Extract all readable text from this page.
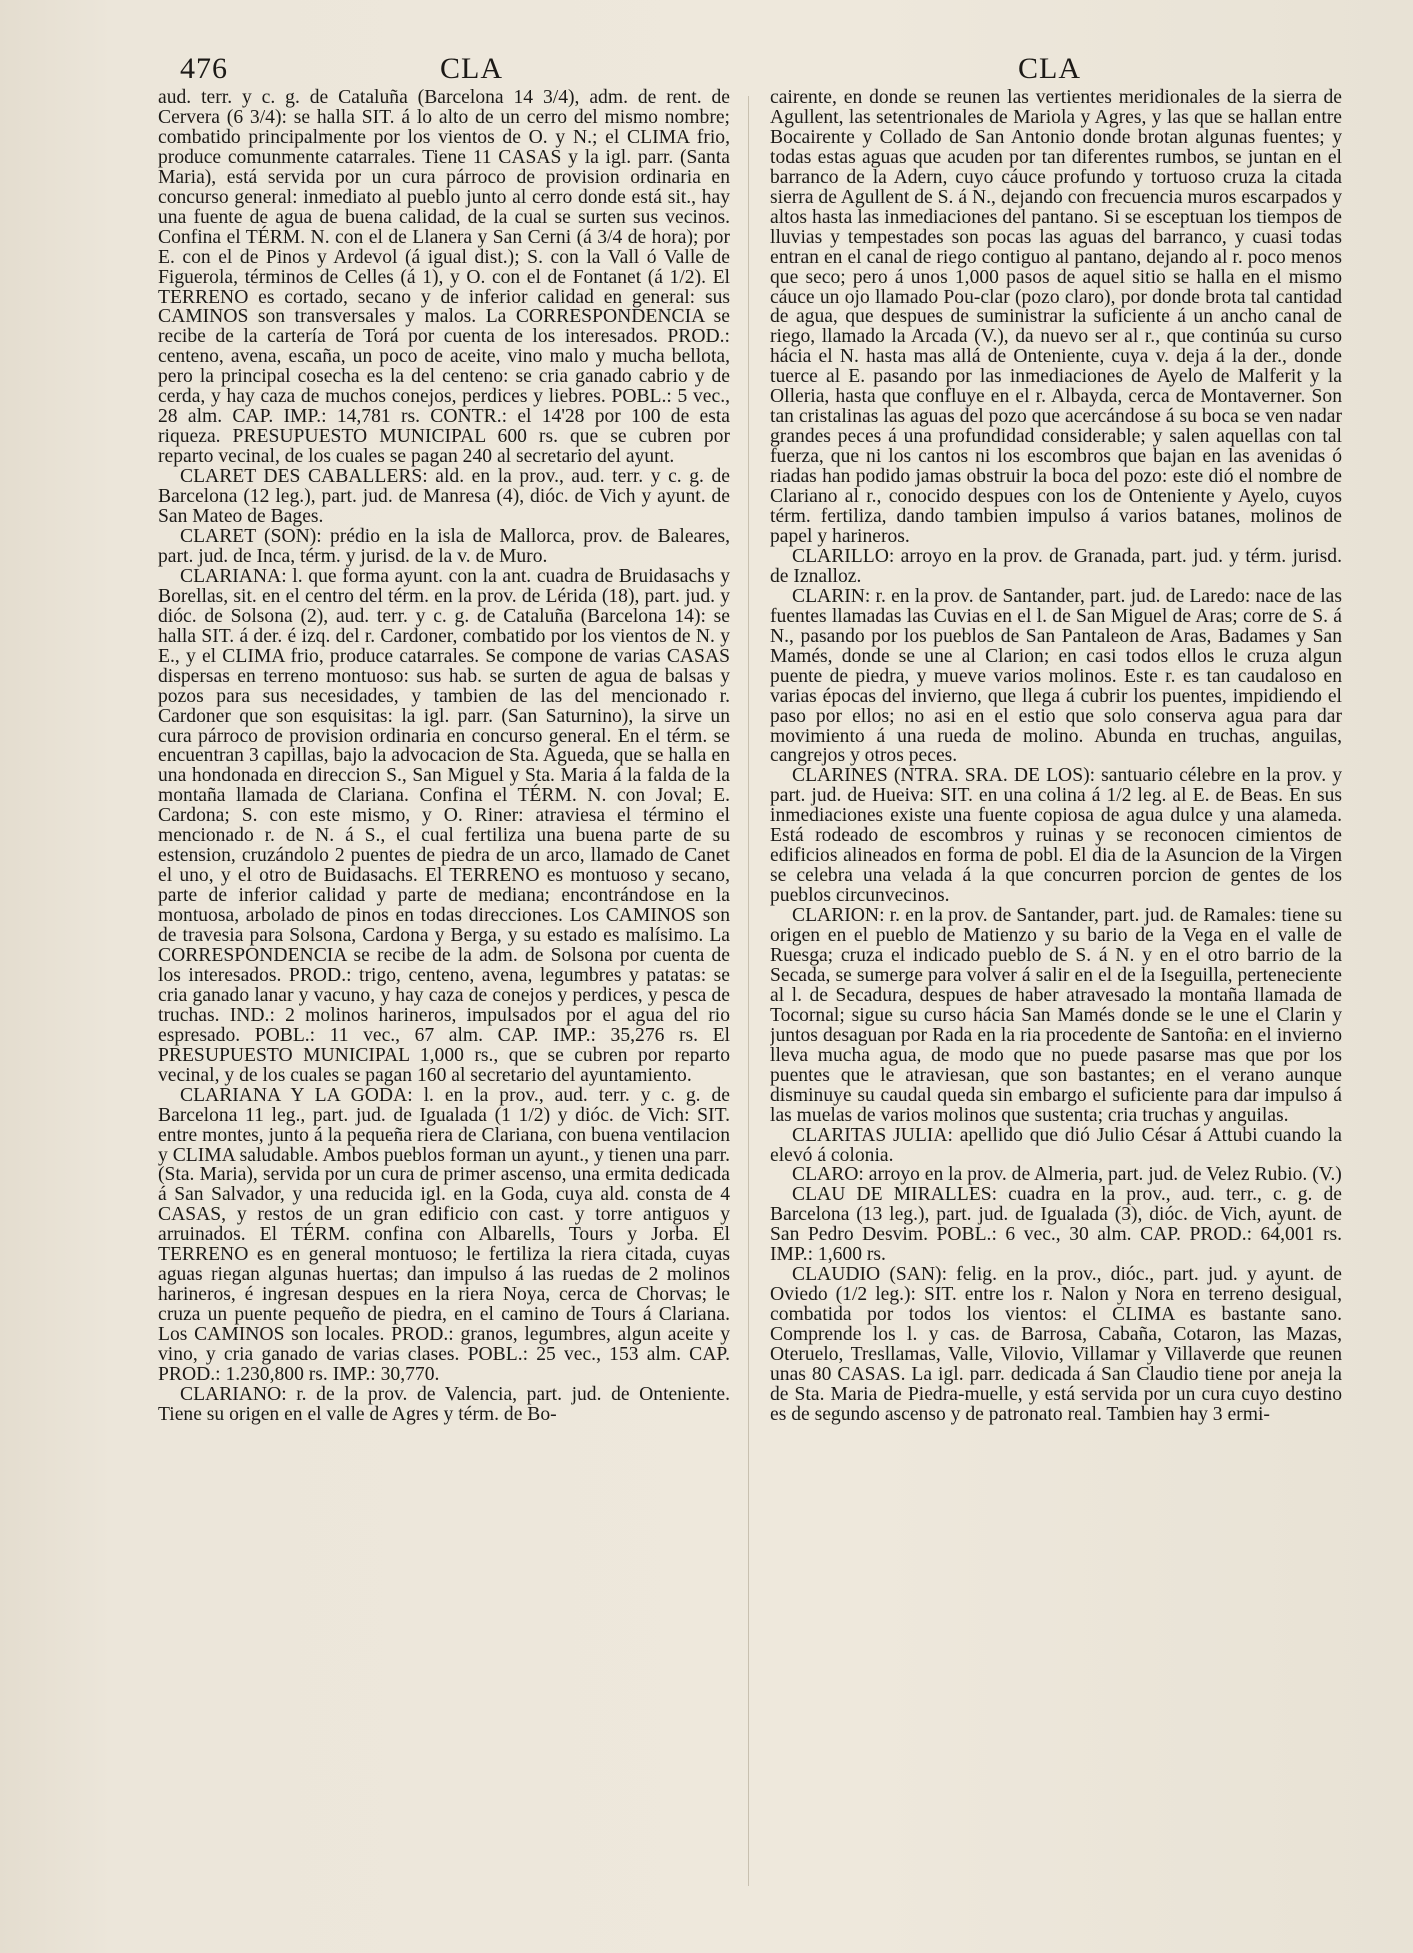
476	CLA	CLA

aud. terr. y c. g. de Cataluña (Barcelona 14 3/4), adm. de rent. de Cervera (6 3/4): se halla SIT. á lo alto de un cerro del mismo nombre; combatido principalmente por los vientos de O. y N.; el CLIMA frio, produce comunmente catarrales. Tiene 11 CASAS y la igl. parr. (Santa Maria), está servida por un cura párroco de provision ordinaria en concurso general: inmediato al pueblo junto al cerro donde está sit., hay una fuente de agua de buena calidad, de la cual se surten sus vecinos. Confina el TÉRM. N. con el de Llanera y San Cerni (á 3/4 de hora); por E. con el de Pinos y Ardevol (á igual dist.); S. con la Vall ó Valle de Figuerola, términos de Celles (á 1), y O. con el de Fontanet (á 1/2). El TERRENO es cortado, secano y de inferior calidad en general: sus CAMINOS son transversales y malos. La CORRESPONDENCIA se recibe de la cartería de Torá por cuenta de los interesados. PROD.: centeno, avena, escaña, un poco de aceite, vino malo y mucha bellota, pero la principal cosecha es la del centeno: se cria ganado cabrio y de cerda, y hay caza de muchos conejos, perdices y liebres. POBL.: 5 vec., 28 alm. CAP. IMP.: 14,781 rs. CONTR.: el 14'28 por 100 de esta riqueza. PRESUPUESTO MUNICIPAL 600 rs. que se cubren por reparto vecinal, de los cuales se pagan 240 al secretario del ayunt.

CLARET DES CABALLERS: ald. en la prov., aud. terr. y c. g. de Barcelona (12 leg.), part. jud. de Manresa (4), dióc. de Vich y ayunt. de San Mateo de Bages.

CLARET (SON): prédio en la isla de Mallorca, prov. de Baleares, part. jud. de Inca, térm. y jurisd. de la v. de Muro.

CLARIANA: l. que forma ayunt. con la ant. cuadra de Bruidasachs y Borellas, sit. en el centro del térm. en la prov. de Lérida (18), part. jud. y dióc. de Solsona (2), aud. terr. y c. g. de Cataluña (Barcelona 14): se halla SIT. á der. é izq. del r. Cardoner, combatido por los vientos de N. y E., y el CLIMA frio, produce catarrales. Se compone de varias CASAS dispersas en terreno montuoso: sus hab. se surten de agua de balsas y pozos para sus necesidades, y tambien de las del mencionado r. Cardoner que son esquisitas: la igl. parr. (San Saturnino), la sirve un cura párroco de provision ordinaria en concurso general. En el térm. se encuentran 3 capillas, bajo la advocacion de Sta. Agueda, que se halla en una hondonada en direccion S., San Miguel y Sta. Maria á la falda de la montaña llamada de Clariana. Confina el TÉRM. N. con Joval; E. Cardona; S. con este mismo, y O. Riner: atraviesa el término el mencionado r. de N. á S., el cual fertiliza una buena parte de su estension, cruzándolo 2 puentes de piedra de un arco, llamado de Canet el uno, y el otro de Buidasachs. El TERRENO es montuoso y secano, parte de inferior calidad y parte de mediana; encontrándose en la montuosa, arbolado de pinos en todas direcciones. Los CAMINOS son de travesia para Solsona, Cardona y Berga, y su estado es malísimo. La CORRESPONDENCIA se recibe de la adm. de Solsona por cuenta de los interesados. PROD.: trigo, centeno, avena, legumbres y patatas: se cria ganado lanar y vacuno, y hay caza de conejos y perdices, y pesca de truchas. IND.: 2 molinos harineros, impulsados por el agua del rio espresado. POBL.: 11 vec., 67 alm. CAP. IMP.: 35,276 rs. El PRESUPUESTO MUNICIPAL 1,000 rs., que se cubren por reparto vecinal, y de los cuales se pagan 160 al secretario del ayuntamiento.

CLARIANA Y LA GODA: l. en la prov., aud. terr. y c. g. de Barcelona 11 leg., part. jud. de Igualada (1 1/2) y dióc. de Vich: SIT. entre montes, junto á la pequeña riera de Clariana, con buena ventilacion y CLIMA saludable. Ambos pueblos forman un ayunt., y tienen una parr. (Sta. Maria), servida por un cura de primer ascenso, una ermita dedicada á San Salvador, y una reducida igl. en la Goda, cuya ald. consta de 4 CASAS, y restos de un gran edificio con cast. y torre antiguos y arruinados. El TÉRM. confina con Albarells, Tours y Jorba. El TERRENO es en general montuoso; le fertiliza la riera citada, cuyas aguas riegan algunas huertas; dan impulso á las ruedas de 2 molinos harineros, é ingresan despues en la riera Noya, cerca de Chorvas; le cruza un puente pequeño de piedra, en el camino de Tours á Clariana. Los CAMINOS son locales. PROD.: granos, legumbres, algun aceite y vino, y cria ganado de varias clases. POBL.: 25 vec., 153 alm. CAP. PROD.: 1.230,800 rs. IMP.: 30,770.

CLARIANO: r. de la prov. de Valencia, part. jud. de Onteniente. Tiene su origen en el valle de Agres y térm. de Bo-

cairente, en donde se reunen las vertientes meridionales de la sierra de Agullent, las setentrionales de Mariola y Agres, y las que se hallan entre Bocairente y Collado de San Antonio donde brotan algunas fuentes; y todas estas aguas que acuden por tan diferentes rumbos, se juntan en el barranco de la Adern, cuyo cáuce profundo y tortuoso cruza la citada sierra de Agullent de S. á N., dejando con frecuencia muros escarpados y altos hasta las inmediaciones del pantano. Si se esceptuan los tiempos de lluvias y tempestades son pocas las aguas del barranco, y cuasi todas entran en el canal de riego contiguo al pantano, dejando al r. poco menos que seco; pero á unos 1,000 pasos de aquel sitio se halla en el mismo cáuce un ojo llamado Pou-clar (pozo claro), por donde brota tal cantidad de agua, que despues de suministrar la suficiente á un ancho canal de riego, llamado la Arcada (V.), da nuevo ser al r., que continúa su curso hácia el N. hasta mas allá de Onteniente, cuya v. deja á la der., donde tuerce al E. pasando por las inmediaciones de Ayelo de Malferit y la Olleria, hasta que confluye en el r. Albayda, cerca de Montaverner. Son tan cristalinas las aguas del pozo que acercándose á su boca se ven nadar grandes peces á una profundidad considerable; y salen aquellas con tal fuerza, que ni los cantos ni los escombros que bajan en las avenidas ó riadas han podido jamas obstruir la boca del pozo: este dió el nombre de Clariano al r., conocido despues con los de Onteniente y Ayelo, cuyos térm. fertiliza, dando tambien impulso á varios batanes, molinos de papel y harineros.

CLARILLO: arroyo en la prov. de Granada, part. jud. y térm. jurisd. de Iznalloz.

CLARIN: r. en la prov. de Santander, part. jud. de Laredo: nace de las fuentes llamadas las Cuvias en el l. de San Miguel de Aras; corre de S. á N., pasando por los pueblos de San Pantaleon de Aras, Badames y San Mamés, donde se une al Clarion; en casi todos ellos le cruza algun puente de piedra, y mueve varios molinos. Este r. es tan caudaloso en varias épocas del invierno, que llega á cubrir los puentes, impidiendo el paso por ellos; no asi en el estio que solo conserva agua para dar movimiento á una rueda de molino. Abunda en truchas, anguilas, cangrejos y otros peces.

CLARINES (NTRA. SRA. DE LOS): santuario célebre en la prov. y part. jud. de Hueiva: SIT. en una colina á 1/2 leg. al E. de Beas. En sus inmediaciones existe una fuente copiosa de agua dulce y una alameda. Está rodeado de escombros y ruinas y se reconocen cimientos de edificios alineados en forma de pobl. El dia de la Asuncion de la Virgen se celebra una velada á la que concurren porcion de gentes de los pueblos circunvecinos.

CLARION: r. en la prov. de Santander, part. jud. de Ramales: tiene su origen en el pueblo de Matienzo y su bario de la Vega en el valle de Ruesga; cruza el indicado pueblo de S. á N. y en el otro barrio de la Secada, se sumerge para volver á salir en el de la Iseguilla, perteneciente al l. de Secadura, despues de haber atravesado la montaña llamada de Tocornal; sigue su curso hácia San Mamés donde se le une el Clarin y juntos desaguan por Rada en la ria procedente de Santoña: en el invierno lleva mucha agua, de modo que no puede pasarse mas que por los puentes que le atraviesan, que son bastantes; en el verano aunque disminuye su caudal queda sin embargo el suficiente para dar impulso á las muelas de varios molinos que sustenta; cria truchas y anguilas.

CLARITAS JULIA: apellido que dió Julio César á Attubi cuando la elevó á colonia.

CLARO: arroyo en la prov. de Almeria, part. jud. de Velez Rubio. (V.)

CLAU DE MIRALLES: cuadra en la prov., aud. terr., c. g. de Barcelona (13 leg.), part. jud. de Igualada (3), dióc. de Vich, ayunt. de San Pedro Desvim. POBL.: 6 vec., 30 alm. CAP. PROD.: 64,001 rs. IMP.: 1,600 rs.

CLAUDIO (SAN): felig. en la prov., dióc., part. jud. y ayunt. de Oviedo (1/2 leg.): SIT. entre los r. Nalon y Nora en terreno desigual, combatida por todos los vientos: el CLIMA es bastante sano. Comprende los l. y cas. de Barrosa, Cabaña, Cotaron, las Mazas, Oteruelo, Tresllamas, Valle, Vilovio, Villamar y Villaverde que reunen unas 80 CASAS. La igl. parr. dedicada á San Claudio tiene por aneja la de Sta. Maria de Piedra-muelle, y está servida por un cura cuyo destino es de segundo ascenso y de patronato real. Tambien hay 3 ermi-
